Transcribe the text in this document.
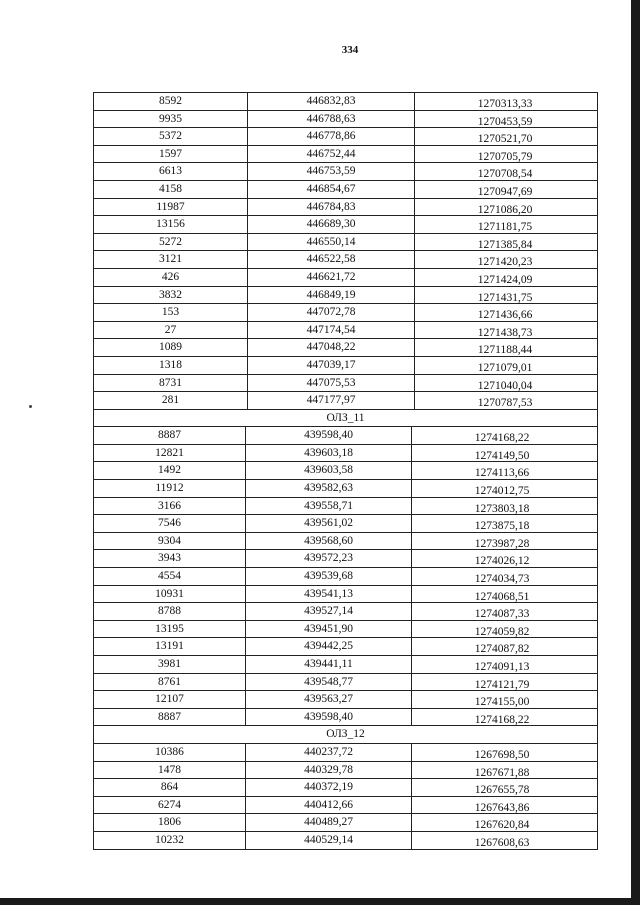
334
8592	446832,83	1270313,33
9935	446788,63	1270453,59
5372	446778,86	1270521,70
1597	446752,44	1270705,79
6613	446753,59	1270708,54
4158	446854,67	1270947,69
11987	446784,83	1271086,20
13156	446689,30	1271181,75
5272	446550,14	1271385,84
3121	446522,58	1271420,23
426	446621,72	1271424,09
3832	446849,19	1271431,75
153	447072,78	1271436,66
27	447174,54	1271438,73
1089	447048,22	1271188,44
1318	447039,17	1271079,01
8731	447075,53	1271040,04
281	447177,97	1270787,53
ОЛЗ_11
8887	439598,40	1274168,22
12821	439603,18	1274149,50
1492	439603,58	1274113,66
11912	439582,63	1274012,75
3166	439558,71	1273803,18
7546	439561,02	1273875,18
9304	439568,60	1273987,28
3943	439572,23	1274026,12
4554	439539,68	1274034,73
10931	439541,13	1274068,51
8788	439527,14	1274087,33
13195	439451,90	1274059,82
13191	439442,25	1274087,82
3981	439441,11	1274091,13
8761	439548,77	1274121,79
12107	439563,27	1274155,00
8887	439598,40	1274168,22
ОЛЗ_12
10386	440237,72	1267698,50
1478	440329,78	1267671,88
864	440372,19	1267655,78
6274	440412,66	1267643,86
1806	440489,27	1267620,84
10232	440529,14	1267608,63
